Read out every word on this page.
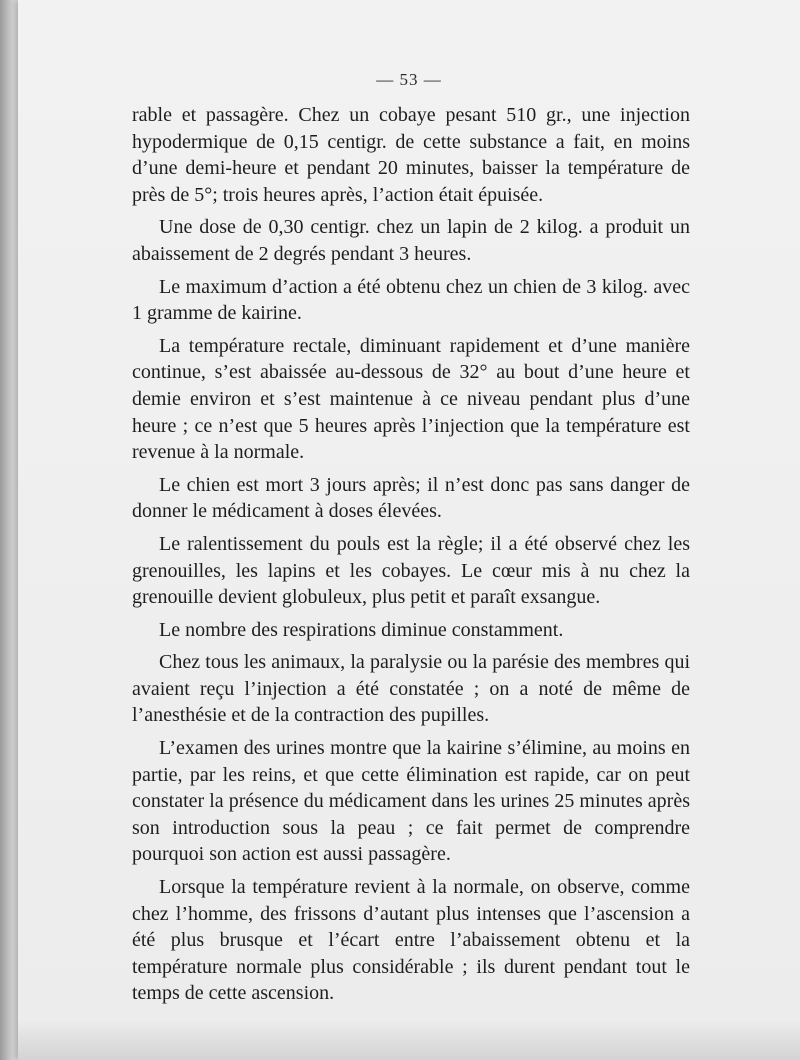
— 53 —

rable et passagère. Chez un cobaye pesant 510 gr., une injection hypodermique de 0,15 centigr. de cette substance a fait, en moins d’une demi-heure et pendant 20 minutes, baisser la température de près de 5°; trois heures après, l’action était épuisée.

Une dose de 0,30 centigr. chez un lapin de 2 kilog. a produit un abaissement de 2 degrés pendant 3 heures.

Le maximum d’action a été obtenu chez un chien de 3 kilog. avec 1 gramme de kairine.

La température rectale, diminuant rapidement et d’une manière continue, s’est abaissée au-dessous de 32° au bout d’une heure et demie environ et s’est maintenue à ce niveau pendant plus d’une heure ; ce n’est que 5 heures après l’injection que la température est revenue à la normale.

Le chien est mort 3 jours après; il n’est donc pas sans danger de donner le médicament à doses élevées.

Le ralentissement du pouls est la règle; il a été observé chez les grenouilles, les lapins et les cobayes. Le cœur mis à nu chez la grenouille devient globuleux, plus petit et paraît exsangue.

Le nombre des respirations diminue constamment.

Chez tous les animaux, la paralysie ou la parésie des membres qui avaient reçu l’injection a été constatée ; on a noté de même de l’anesthésie et de la contraction des pupilles.

L’examen des urines montre que la kairine s’élimine, au moins en partie, par les reins, et que cette élimination est rapide, car on peut constater la présence du médicament dans les urines 25 minutes après son introduction sous la peau ; ce fait permet de comprendre pourquoi son action est aussi passagère.

Lorsque la température revient à la normale, on observe, comme chez l’homme, des frissons d’autant plus intenses que l’ascension a été plus brusque et l’écart entre l’abaissement obtenu et la température normale plus considérable ; ils durent pendant tout le temps de cette ascension.
